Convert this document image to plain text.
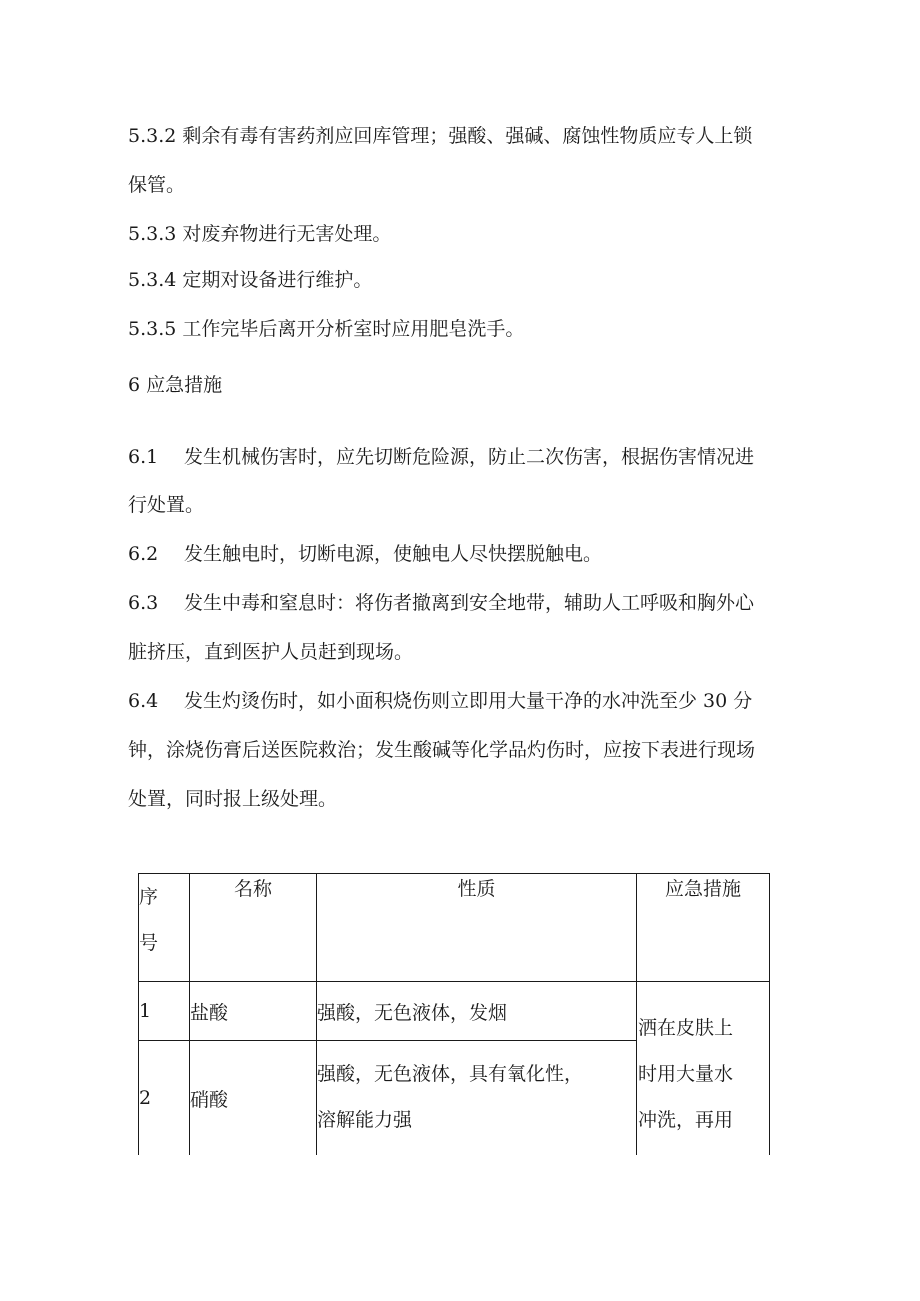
5.3.2 剩余有毒有害药剂应回库管理；强酸、强碱、腐蚀性物质应专人上锁
保管。
5.3.3 对废弃物进行无害处理。
5.3.4 定期对设备进行维护。
5.3.5 工作完毕后离开分析室时应用肥皂洗手。
6 应急措施
6.1 发生机械伤害时，应先切断危险源，防止二次伤害，根据伤害情况进
行处置。
6.2 发生触电时，切断电源，使触电人尽快摆脱触电。
6.3 发生中毒和窒息时：将伤者撤离到安全地带，辅助人工呼吸和胸外心
脏挤压，直到医护人员赶到现场。
6.4 发生灼烫伤时，如小面积烧伤则立即用大量干净的水冲洗至少 30 分
钟，涂烧伤膏后送医院救治；发生酸碱等化学品灼伤时，应按下表进行现场
处置，同时报上级处理。
序
号	名称	性质	应急措施
1	盐酸	强酸，无色液体，发烟	洒在皮肤上
时用大量水
冲洗，再用

2	硝酸	强酸，无色液体，具有氧化性，
溶解能力强	
